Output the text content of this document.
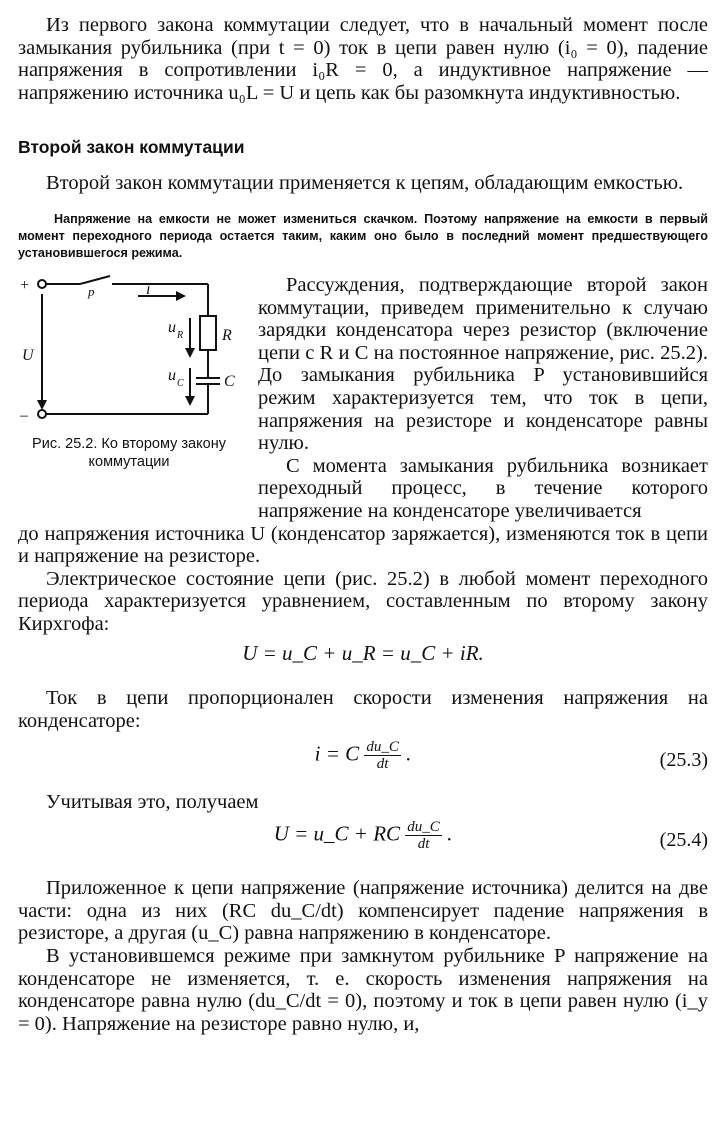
Из первого закона коммутации следует, что в начальный момент после замыкания рубильника (при t = 0) ток в цепи равен нулю (i₀ = 0), падение напряжения в сопротивлении i₀R = 0, а индуктивное напряжение — напряжению источника u₀L = U и цепь как бы разомкнута индуктивностью.

Второй закон коммутации

Второй закон коммутации применяется к цепям, обладающим емкостью.

Напряжение на емкости не может измениться скачком. Поэтому напряжение на емкости в первый момент переходного периода остается таким, каким оно было в последний момент предшествующего установившегося режима.

+
–
p	i
u R
u C
R
C
U
Рис. 25.2. Ко второму закону коммутации

Рассуждения, подтверждающие второй закон коммутации, приведем применительно к случаю зарядки конденсатора через резистор (включение цепи с R и C на постоянное напряжение, рис. 25.2). До замыкания рубильника P установившийся режим характеризуется тем, что ток в цепи, напряжения на резисторе и конденсаторе равны нулю.

С момента замыкания рубильника возникает переходный процесс, в течение которого напряжение на конденсаторе увеличивается

до напряжения источника U (конденсатор заряжается), изменяются ток в цепи и напряжение на резисторе.

Электрическое состояние цепи (рис. 25.2) в любой момент переходного периода характеризуется уравнением, составленным по второму закону Кирхгофа:

U = u_C + u_R = u_C + iR.

Ток в цепи пропорционален скорости изменения напряжения на конденсаторе:

i = C $\frac{du\_C}{dt}$ .	(25.3)

Учитывая это, получаем

U = u_C + RC $\frac{du\_C}{dt}$ .	(25.4)

Приложенное к цепи напряжение (напряжение источника) делится на две части: одна из них (RC du_C/dt) компенсирует падение напряжения в резисторе, а другая (u_C) равна напряжению в конденсаторе.

В установившемся режиме при замкнутом рубильнике P напряжение на конденсаторе не изменяется, т. е. скорость изменения напряжения на конденсаторе равна нулю (du_C/dt = 0), поэтому и ток в цепи равен нулю (i_у = 0). Напряжение на резисторе равно нулю, и,
